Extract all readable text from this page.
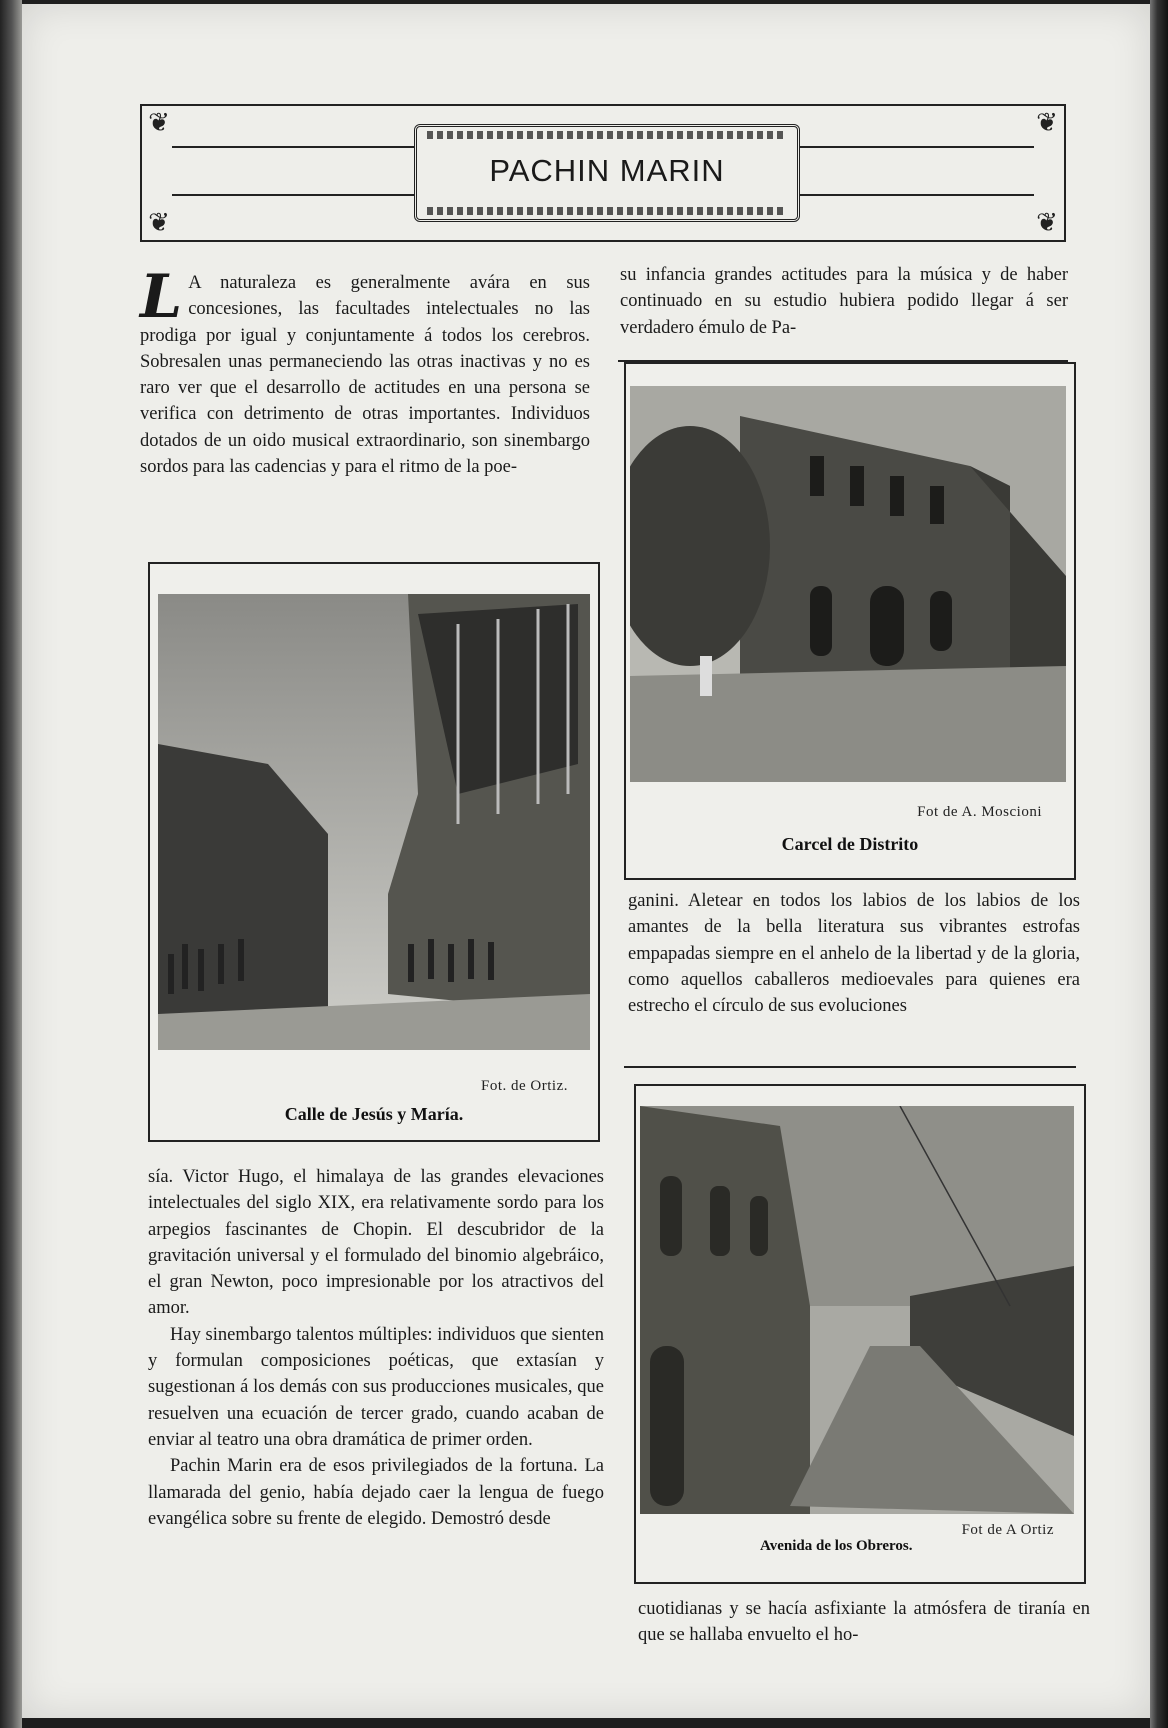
❦	❦
❦	❦
PACHIN MARIN

L A naturaleza es generalmente avára en sus concesiones, las facultades intelectuales no las prodiga por igual y conjuntamente á todos los cerebros. Sobresalen unas permaneciendo las otras inactivas y no es raro ver que el desarrollo de actitudes en una persona se verifica con detrimento de otras importantes. Individuos dotados de un oido musical extraordinario, son sinembargo sordos para las cadencias y para el ritmo de la poe-

Fot. de Ortiz.
Calle de Jesús y María.

sía. Victor Hugo, el himalaya de las grandes elevaciones intelectuales del siglo XIX, era relativamente sordo para los arpegios fascinantes de Chopin. El descubridor de la gravitación universal y el formulado del binomio algebráico, el gran Newton, poco impresionable por los atractivos del amor.

Hay sinembargo talentos múltiples: individuos que sienten y formulan composiciones poéticas, que extasían y sugestionan á los demás con sus producciones musicales, que resuelven una ecuación de tercer grado, cuando acaban de enviar al teatro una obra dramática de primer orden.

Pachin Marin era de esos privilegiados de la fortuna. La llamarada del genio, había dejado caer la lengua de fuego evangélica sobre su frente de elegido. Demostró desde

su infancia grandes actitudes para la música y de haber continuado en su estudio hubiera podido llegar á ser verdadero émulo de Pa-

Fot de A. Moscioni
Carcel de Distrito

ganini. Aletear en todos los labios de los labios de los amantes de la bella literatura sus vibrantes estrofas empapadas siempre en el anhelo de la libertad y de la gloria, como aquellos caballeros medioevales para quienes era estrecho el círculo de sus evoluciones

Fot de A Ortiz
Avenida de los Obreros.

cuotidianas y se hacía asfixiante la atmósfera de tiranía en que se hallaba envuelto el ho-
